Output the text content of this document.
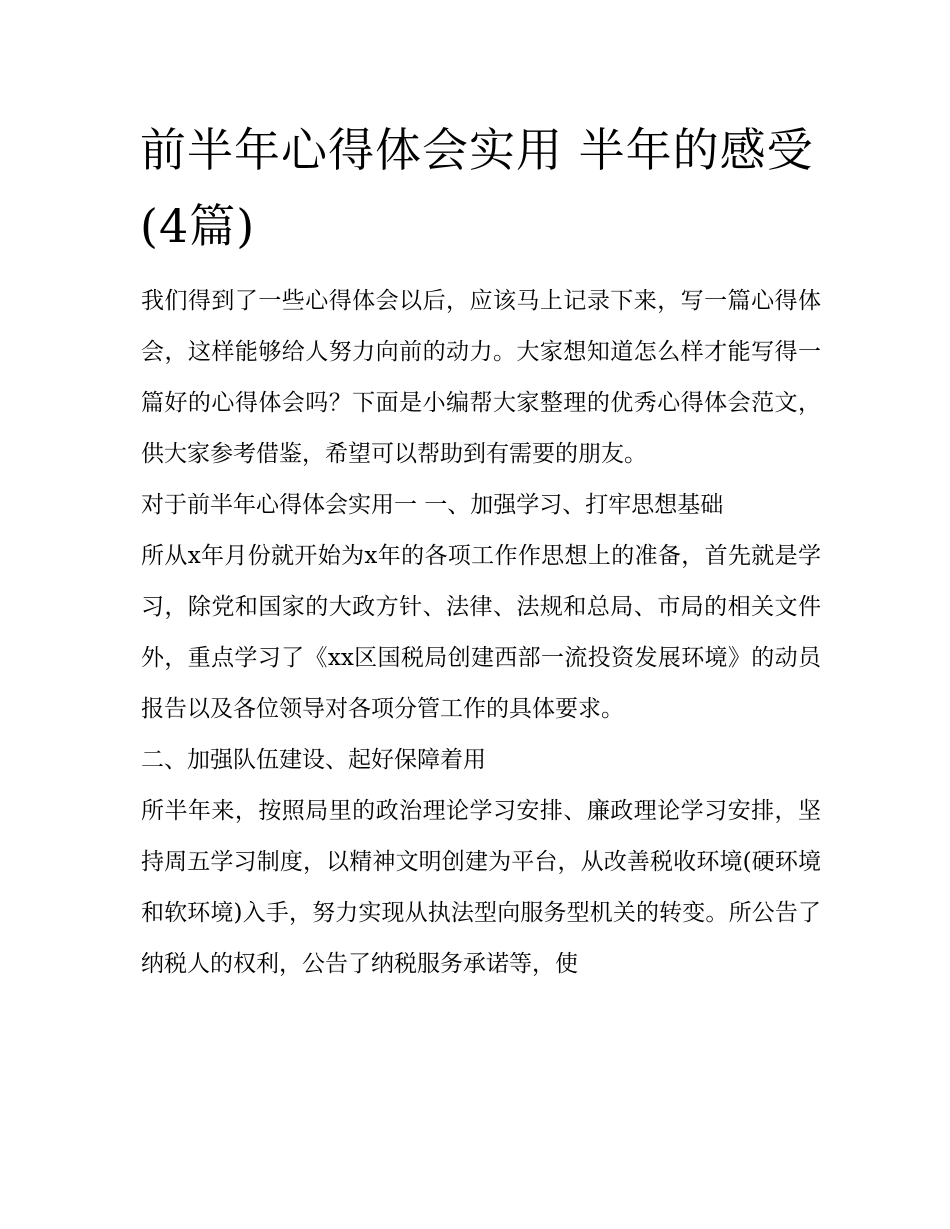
前半年心得体会实用 半年的感受(4篇)

我们得到了一些心得体会以后，应该马上记录下来，写一篇心得体会，这样能够给人努力向前的动力。大家想知道怎么样才能写得一篇好的心得体会吗？下面是小编帮大家整理的优秀心得体会范文，供大家参考借鉴，希望可以帮助到有需要的朋友。

对于前半年心得体会实用一 一、加强学习、打牢思想基础

所从x年月份就开始为x年的各项工作作思想上的准备，首先就是学习，除党和国家的大政方针、法律、法规和总局、市局的相关文件外，重点学习了《xx区国税局创建西部一流投资发展环境》的动员报告以及各位领导对各项分管工作的具体要求。

二、加强队伍建设、起好保障着用

所半年来，按照局里的政治理论学习安排、廉政理论学习安排，坚持周五学习制度，以精神文明创建为平台，从改善税收环境(硬环境和软环境)入手，努力实现从执法型向服务型机关的转变。所公告了纳税人的权利，公告了纳税服务承诺等，使
